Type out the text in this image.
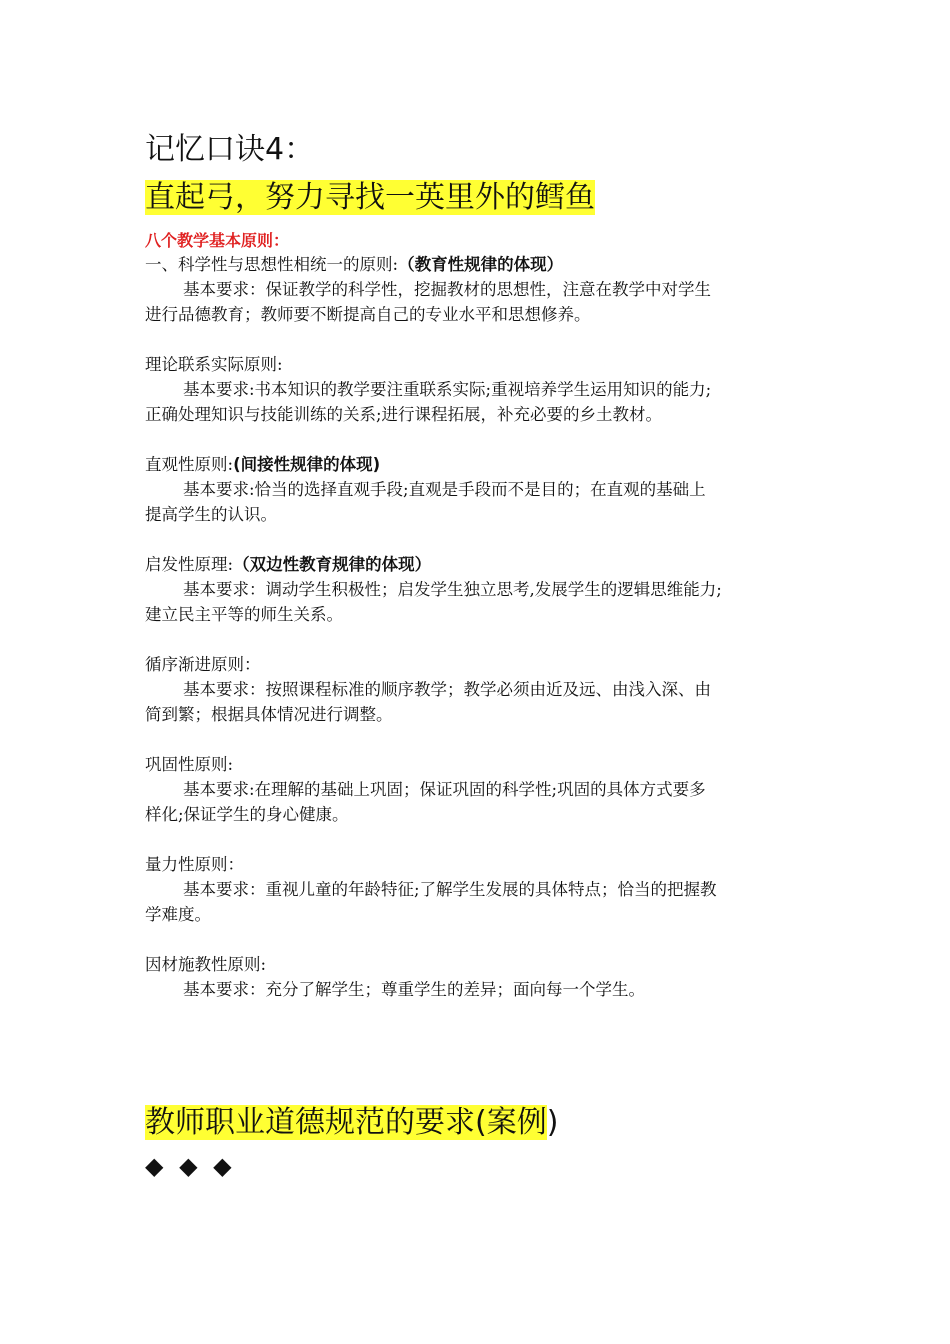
记忆口诀4：

直起弓，努力寻找一英里外的鳕鱼

八个教学基本原则：

一、科学性与思想性相统一的原则:（教育性规律的体现）

基本要求：保证教学的科学性，挖掘教材的思想性，注意在教学中对学生

进行品德教育；教师要不断提高自己的专业水平和思想修养。

理论联系实际原则:

基本要求:书本知识的教学要注重联系实际;重视培养学生运用知识的能力;

正确处理知识与技能训练的关系;进行课程拓展，补充必要的乡土教材。

直观性原则:(间接性规律的体现)

基本要求:恰当的选择直观手段;直观是手段而不是目的；在直观的基础上

提高学生的认识。

启发性原理:（双边性教育规律的体现）

基本要求：调动学生积极性；启发学生独立思考,发展学生的逻辑思维能力;

建立民主平等的师生关系。

循序渐进原则：

基本要求：按照课程标准的顺序教学；教学必须由近及远、由浅入深、由

简到繁；根据具体情况进行调整。

巩固性原则:

基本要求:在理解的基础上巩固；保证巩固的科学性;巩固的具体方式要多

样化;保证学生的身心健康。

量力性原则：

基本要求：重视儿童的年龄特征;了解学生发展的具体特点；恰当的把握教

学难度。

因材施教性原则:

基本要求：充分了解学生；尊重学生的差异；面向每一个学生。

教师职业道德规范的要求(案例)

◆ ◆ ◆
